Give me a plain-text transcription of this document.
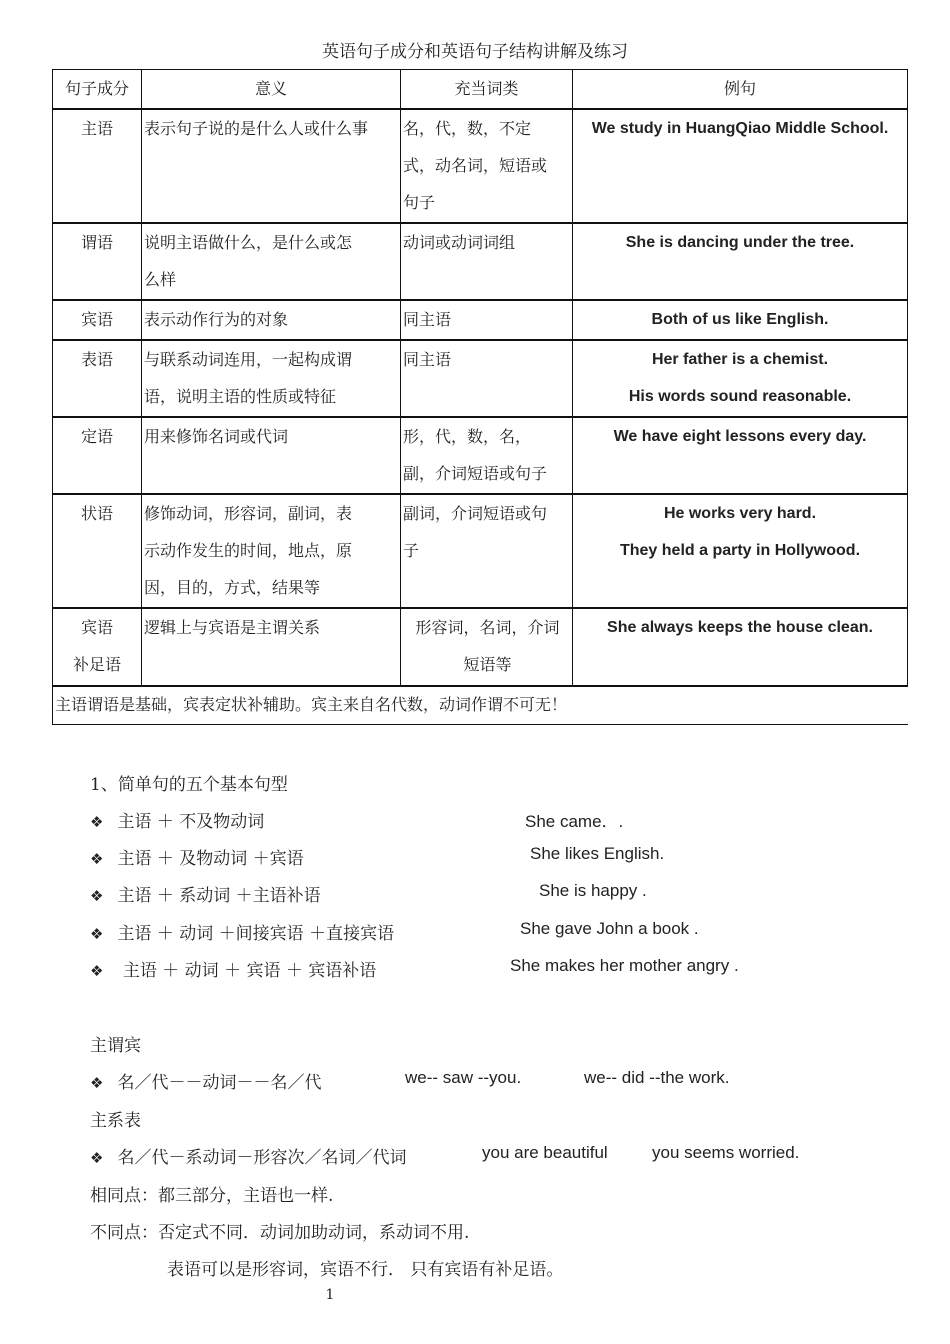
英语句子成分和英语句子结构讲解及练习
句子成分	意义	充当词类	例句

主语	表示句子说的是什么人或什么事	名，代，数，不定
式，动名词，短语或
句子	We study in HuangQiao Middle School.

谓语	说明主语做什么，是什么或怎
么样	动词或动词词组	She is dancing under the tree.

宾语	表示动作行为的对象	同主语	Both of us like English.

表语	与联系动词连用，一起构成谓
语，说明主语的性质或特征	同主语	Her father is a chemist.
His words sound reasonable.

定语	用来修饰名词或代词	形，代，数，名，
副，介词短语或句子	We have eight lessons every day.

状语	修饰动词，形容词，副词，表
示动作发生的时间，地点，原
因，目的，方式，结果等	副词，介词短语或句
子	He works very hard.
They held a party in Hollywood.

宾语
补足语	逻辑上与宾语是主谓关系	形容词，名词，介词
短语等	She always keeps the house clean.

主语谓语是基础，宾表定状补辅助。宾主来自名代数，动词作谓不可无！			
1、简单句的五个基本句型
❖ 主语 ＋ 不及物动词	She came．.
❖ 主语 ＋ 及物动词 ＋宾语	She likes English.
❖ 主语 ＋ 系动词 ＋主语补语	She is happy .
❖ 主语 ＋ 动词 ＋间接宾语 ＋直接宾语	She gave John a book .
❖ 主语 ＋ 动词 ＋ 宾语 ＋ 宾语补语	She makes her mother angry .
主谓宾
❖ 名／代－－动词－－名／代	we-- saw --you.	we-- did --the work.
主系表
❖ 名／代－系动词－形容次／名词／代词	you are beautiful	you seems worried.
相同点：都三部分，主语也一样.
不同点：否定式不同．动词加助动词，系动词不用.
表语可以是形容词，宾语不行． 只有宾语有补足语。
1
